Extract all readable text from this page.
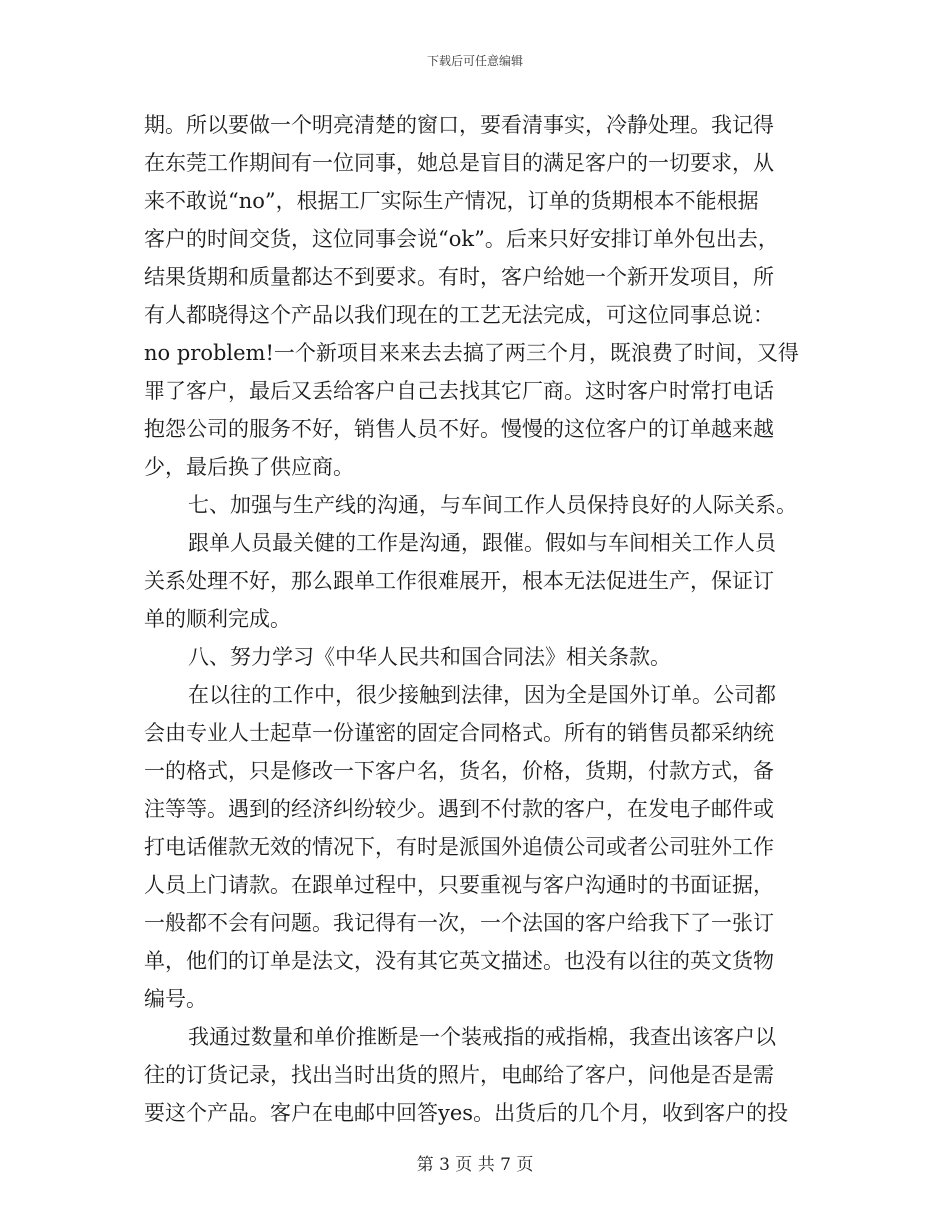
下载后可任意编辑
期。所以要做一个明亮清楚的窗口，要看清事实，冷静处理。我记得
在东莞工作期间有一位同事，她总是盲目的满足客户的一切要求，从
来不敢说“no”，根据工厂实际生产情况，订单的货期根本不能根据
客户的时间交货，这位同事会说“ok”。后来只好安排订单外包出去，
结果货期和质量都达不到要求。有时，客户给她一个新开发项目，所
有人都晓得这个产品以我们现在的工艺无法完成，可这位同事总说：
no problem!一个新项目来来去去搞了两三个月，既浪费了时间，又得
罪了客户，最后又丢给客户自己去找其它厂商。这时客户时常打电话
抱怨公司的服务不好，销售人员不好。慢慢的这位客户的订单越来越
少，最后换了供应商。
七、加强与生产线的沟通，与车间工作人员保持良好的人际关系。
跟单人员最关健的工作是沟通，跟催。假如与车间相关工作人员
关系处理不好，那么跟单工作很难展开，根本无法促进生产，保证订
单的顺利完成。
八、努力学习《中华人民共和国合同法》相关条款。
在以往的工作中，很少接触到法律，因为全是国外订单。公司都
会由专业人士起草一份谨密的固定合同格式。所有的销售员都采纳统
一的格式，只是修改一下客户名，货名，价格，货期，付款方式，备
注等等。遇到的经济纠纷较少。遇到不付款的客户，在发电子邮件或
打电话催款无效的情况下，有时是派国外追债公司或者公司驻外工作
人员上门请款。在跟单过程中，只要重视与客户沟通时的书面证据，
一般都不会有问题。我记得有一次，一个法国的客户给我下了一张订
单，他们的订单是法文，没有其它英文描述。也没有以往的英文货物
编号。
我通过数量和单价推断是一个装戒指的戒指棉，我查出该客户以
往的订货记录，找出当时出货的照片，电邮给了客户，问他是否是需
要这个产品。客户在电邮中回答yes。出货后的几个月，收到客户的投
第 3 页 共 7 页
